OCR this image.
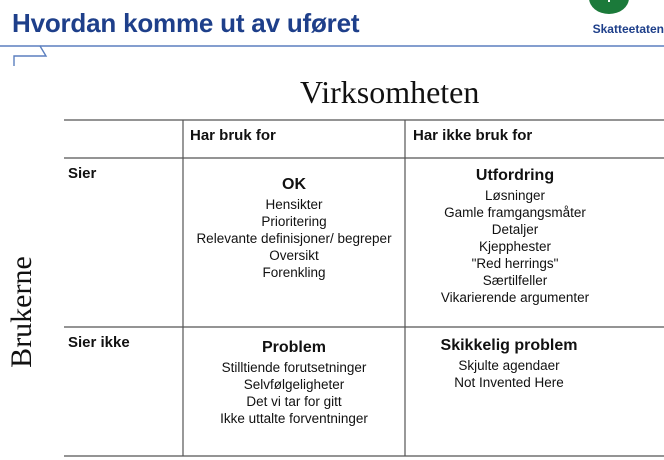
Hvordan komme ut av uføret	Skatteetaten
Virksomheten
Brukerne
Har bruk for	Har ikke bruk for
Sier
Sier ikke
OK
Hensikter
Prioritering
Relevante definisjoner/ begreper
Oversikt
Forenkling
Utfordring
Løsninger
Gamle framgangsmåter
Detaljer
Kjepphester
"Red herrings"
Særtilfeller
Vikarierende argumenter
Problem
Stilltiende forutsetninger
Selvfølgeligheter
Det vi tar for gitt
Ikke uttalte forventninger
Skikkelig problem
Skjulte agendaer
Not Invented Here
